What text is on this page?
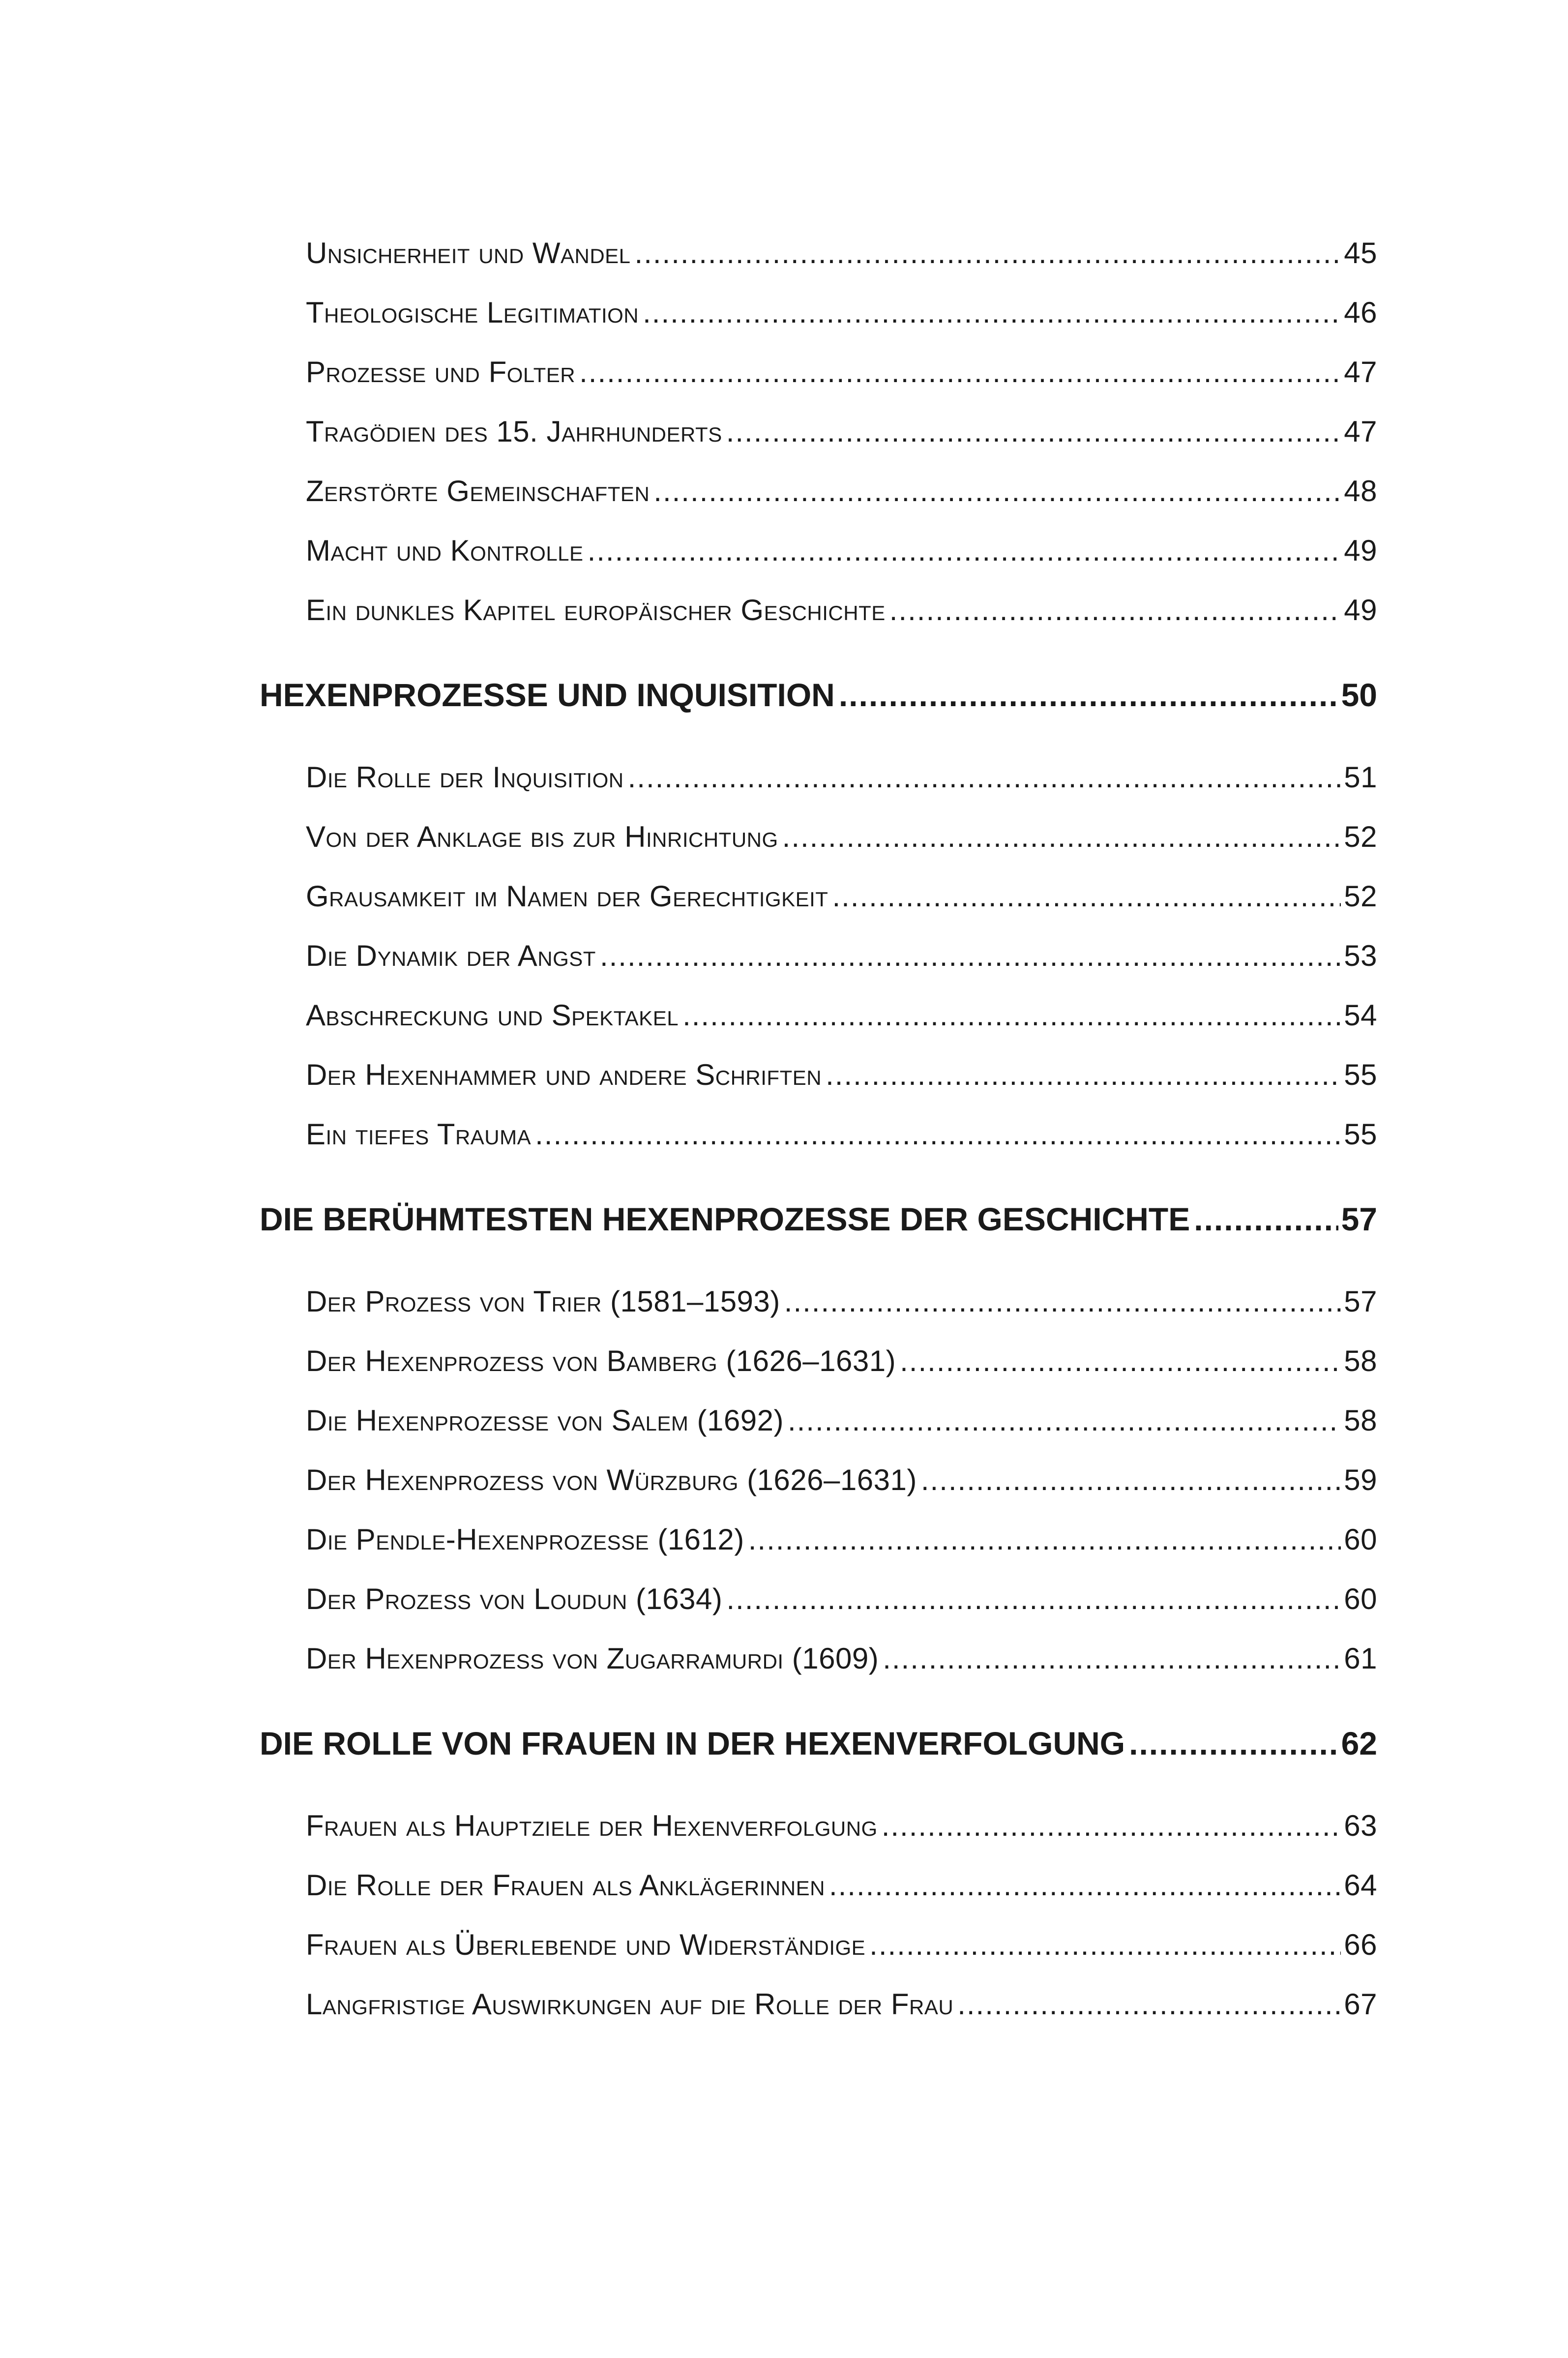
Unsicherheit und Wandel .....	45
Theologische Legitimation .....	46
Prozesse und Folter .....	47
Tragödien des 15. Jahrhunderts .....	47
Zerstörte Gemeinschaften .....	48
Macht und Kontrolle .....	49
Ein dunkles Kapitel europäischer Geschichte .....	49
HEXENPROZESSE UND INQUISITION .....	50
Die Rolle der Inquisition .....	51
Von der Anklage bis zur Hinrichtung .....	52
Grausamkeit im Namen der Gerechtigkeit .....	52
Die Dynamik der Angst .....	53
Abschreckung und Spektakel .....	54
Der Hexenhammer und andere Schriften .....	55
Ein tiefes Trauma .....	55
DIE BERÜHMTESTEN HEXENPROZESSE DER GESCHICHTE .....	57
Der Prozess von Trier (1581–1593) .....	57
Der Hexenprozess von Bamberg (1626–1631) .....	58
Die Hexenprozesse von Salem (1692) .....	58
Der Hexenprozess von Würzburg (1626–1631) .....	59
Die Pendle-Hexenprozesse (1612) .....	60
Der Prozess von Loudun (1634) .....	60
Der Hexenprozess von Zugarramurdi (1609) .....	61
DIE ROLLE VON FRAUEN IN DER HEXENVERFOLGUNG .....	62
Frauen als Hauptziele der Hexenverfolgung .....	63
Die Rolle der Frauen als Anklägerinnen .....	64
Frauen als Überlebende und Widerständige .....	66
Langfristige Auswirkungen auf die Rolle der Frau .....	67
